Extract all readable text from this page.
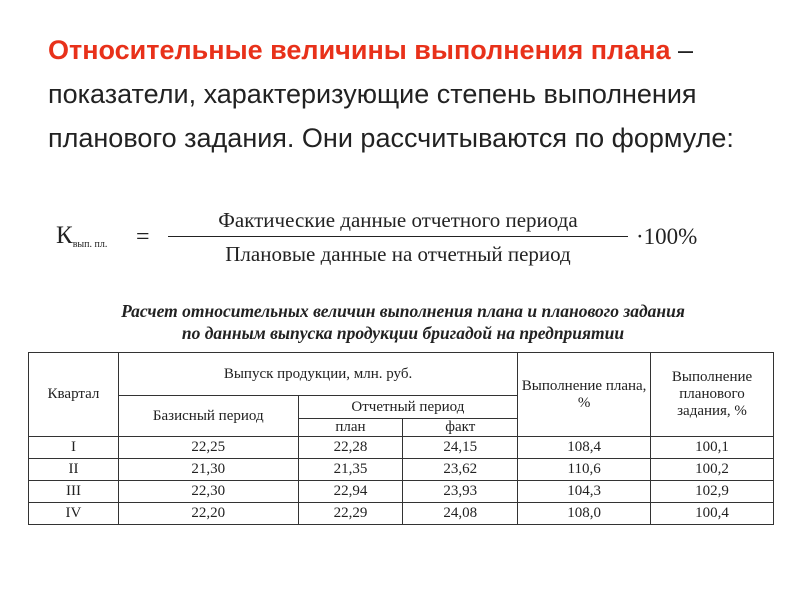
Относительные величины выполнения плана – показатели, характеризующие степень выполнения планового задания. Они рассчитываются по формуле:

$К_{вып. пл.}$ =
Фактические данные отчетного периода
Плановые данные на отчетный период
·100%
Расчет относительных величин выполнения плана и планового задания
по данным выпуска продукции бригадой на предприятии
Квартал	Выпуск продукции, млн. руб.			Выполнение плана, %	Выполнение планового задания, %
	Базисный период	Отчетный период			
		план	факт		
I	22,25	22,28	24,15	108,4	100,1
II	21,30	21,35	23,62	110,6	100,2
III	22,30	22,94	23,93	104,3	102,9
IV	22,20	22,29	24,08	108,0	100,4
